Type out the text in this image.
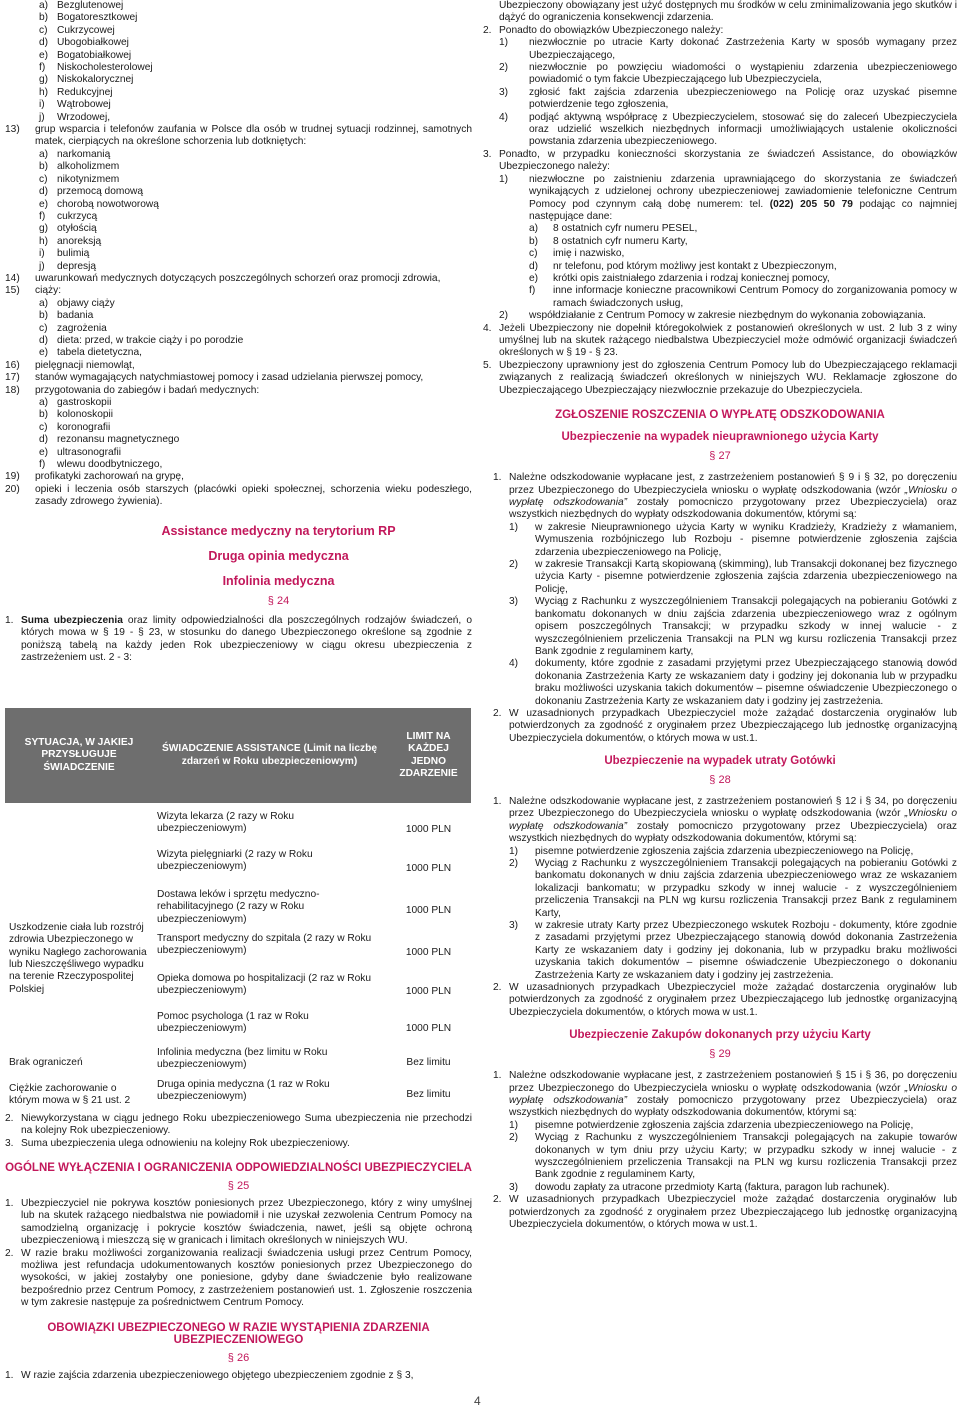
a) Bezglutenowej
b) Bogatoresztkowej
c) Cukrzycowej
d) Ubogobiałkowej
e) Bogatobiałkowej
f) Niskocholesterolowej
g) Niskokalorycznej
h) Redukcyjnej
i) Wątrobowej
j) Wrzodowej,
13) grup wsparcia i telefonów zaufania w Polsce dla osób w trudnej sytuacji rodzinnej, samotnych matek, cierpiących na określone schorzenia lub dotkniętych:
a) narkomanią
b) alkoholizmem
c) nikotynizmem
d) przemocą domową
e) chorobą nowotworową
f) cukrzycą
g) otyłością
h) anoreksją
i) bulimią
j) depresją
14) uwarunkowań medycznych dotyczących poszczególnych schorzeń oraz promocji zdrowia,
15) ciąży:
a) objawy ciąży
b) badania
c) zagrożenia
d) dieta: przed, w trakcie ciąży i po porodzie
e) tabela dietetyczna,
16) pielęgnacji niemowląt,
17) stanów wymagających natychmiastowej pomocy i zasad udzielania pierwszej pomocy,
18) przygotowania do zabiegów i badań medycznych:
a) gastroskopii
b) kolonoskopii
c) koronografii
d) rezonansu magnetycznego
e) ultrasonografii
f) wlewu doodbytniczego,
19) profikatyki zachorowań na grypę,
20) opieki i leczenia osób starszych (placówki opieki społecznej, schorzenia wieku podeszłego, zasady zdrowego żywienia).
Assistance medyczny na terytorium RP
Druga opinia medyczna
Infolinia medyczna
§ 24
1. Suma ubezpieczenia oraz limity odpowiedzialności dla poszczególnych rodzajów świadczeń, o których mowa w § 19 - § 23, w stosunku do danego Ubezpieczonego określone są zgodnie z poniższą tabelą na każdy jeden Rok ubezpieczeniowy w ciągu okresu ubezpieczenia z zastrzeżeniem ust. 2 - 3:
SYTUACJA, W JAKIEJ PRZYSŁUGUJE ŚWIADCZENIE	ŚWIADCZENIE ASSISTANCE (Limit na liczbę zdarzeń w Roku ubezpieczeniowym)	LIMIT NA KAŻDEJ JEDNO ZDARZENIE

Uszkodzenie ciała lub rozstrój zdrowia Ubezpieczonego w wyniku Nagłego zachorowania lub Nieszczęśliwego wypadku na terenie Rzeczypospolitej Polskiej	Wizyta lekarza (2 razy w Roku ubezpieczeniowym)	1000 PLN
	Wizyta pielęgniarki (2 razy w Roku ubezpieczeniowym)	1000 PLN
	Dostawa leków i sprzętu medyczno-rehabilitacyjnego (2 razy w Roku ubezpieczeniowym)	1000 PLN
	Transport medyczny do szpitala (2 razy w Roku ubezpieczeniowym)	1000 PLN
	Opieka domowa po hospitalizacji (2 raz w Roku ubezpieczeniowym)	1000 PLN
	Pomoc psychologa (1 raz w Roku ubezpieczeniowym)	1000 PLN
Brak ograniczeń	Infolinia medyczna (bez limitu w Roku ubezpieczeniowym)	Bez limitu
Ciężkie zachorowanie o którym mowa w § 21 ust. 2	Druga opinia medyczna (1 raz w Roku ubezpieczeniowym)	Bez limitu
2. Niewykorzystana w ciągu jednego Roku ubezpieczeniowego Suma ubezpieczenia nie przechodzi na kolejny Rok ubezpieczeniowy.
3. Suma ubezpieczenia ulega odnowieniu na kolejny Rok ubezpieczeniowy.
OGÓLNE WYŁĄCZENIA I OGRANICZENIA ODPOWIEDZIALNOŚCI UBEZPIECZYCIELA
§ 25
1. Ubezpieczyciel nie pokrywa kosztów poniesionych przez Ubezpieczonego, który z winy umyślnej lub na skutek rażącego niedbalstwa nie powiadomił i nie uzyskał zezwolenia Centrum Pomocy na samodzielną organizację i pokrycie kosztów świadczenia, nawet, jeśli są objęte ochroną ubezpieczeniową i mieszczą się w granicach i limitach określonych w niniejszych WU.
2. W razie braku możliwości zorganizowania realizacji świadczenia usługi przez Centrum Pomocy, możliwa jest refundacja udokumentowanych kosztów poniesionych przez Ubezpieczonego do wysokości, w jakiej zostałyby one poniesione, gdyby dane świadczenie było realizowane bezpośrednio przez Centrum Pomocy, z zastrzeżeniem postanowień ust. 1. Zgłoszenie roszczenia w tym zakresie następuje za pośrednictwem Centrum Pomocy.
OBOWIĄZKI UBEZPIECZONEGO W RAZIE WYSTĄPIENIA ZDARZENIA UBEZPIECZENIOWEGO
§ 26
1. W razie zajścia zdarzenia ubezpieczeniowego objętego ubezpieczeniem zgodnie z § 3,
Ubezpieczony obowiązany jest użyć dostępnych mu środków w celu zminimalizowania jego skutków i dążyć do ograniczenia konsekwencji zdarzenia.
2. Ponadto do obowiązków Ubezpieczonego należy:
1) niezwłocznie po utracie Karty dokonać Zastrzeżenia Karty w sposób wymagany przez Ubezpieczającego,
2) niezwłocznie po powzięciu wiadomości o wystąpieniu zdarzenia ubezpieczeniowego powiadomić o tym fakcie Ubezpieczającego lub Ubezpieczyciela,
3) zgłosić fakt zajścia zdarzenia ubezpieczeniowego na Policję oraz uzyskać pisemne potwierdzenie tego zgłoszenia,
4) podjąć aktywną współpracę z Ubezpieczycielem, stosować się do zaleceń Ubezpieczyciela oraz udzielić wszelkich niezbędnych informacji umożliwiających ustalenie okoliczności powstania zdarzenia ubezpieczeniowego.
3. Ponadto, w przypadku konieczności skorzystania ze świadczeń Assistance, do obowiązków Ubezpieczonego należy:
1) niezwłoczne po zaistnieniu zdarzenia uprawniającego do skorzystania ze świadczeń wynikających z udzielonej ochrony ubezpieczeniowej zawiadomienie telefoniczne Centrum Pomocy pod czynnym całą dobę numerem: tel. (022) 205 50 79 podając co najmniej następujące dane:
a) 8 ostatnich cyfr numeru PESEL,
b) 8 ostatnich cyfr numeru Karty,
c) imię i nazwisko,
d) nr telefonu, pod którym możliwy jest kontakt z Ubezpieczonym,
e) krótki opis zaistniałego zdarzenia i rodzaj koniecznej pomocy,
f) inne informacje konieczne pracownikowi Centrum Pomocy do zorganizowania pomocy w ramach świadczonych usług,
2) współdziałanie z Centrum Pomocy w zakresie niezbędnym do wykonania zobowiązania.
4. Jeżeli Ubezpieczony nie dopełnił któregokolwiek z postanowień określonych w ust. 2 lub 3 z winy umyślnej lub na skutek rażącego niedbalstwa Ubezpieczyciel może odmówić organizacji świadczeń określonych w § 19 - § 23.
5. Ubezpieczony uprawniony jest do zgłoszenia Centrum Pomocy lub do Ubezpieczającego reklamacji związanych z realizacją świadczeń określonych w niniejszych WU. Reklamacje zgłoszone do Ubezpieczającego Ubezpieczający niezwłocznie przekazuje do Ubezpieczyciela.
ZGŁOSZENIE ROSZCZENIA O WYPŁATĘ ODSZKODOWANIA
Ubezpieczenie na wypadek nieuprawnionego użycia Karty
§ 27
1. Należne odszkodowanie wypłacane jest, z zastrzeżeniem postanowień § 9 i § 32, po doręczeniu przez Ubezpieczonego do Ubezpieczyciela wniosku o wypłatę odszkodowania (wzór „Wniosku o wypłatę odszkodowania” zostały pomocniczo przygotowany przez Ubezpieczyciela) oraz wszystkich niezbędnych do wypłaty odszkodowania dokumentów, którymi są:
1) w zakresie Nieuprawnionego użycia Karty w wyniku Kradzieży, Kradzieży z włamaniem, Wymuszenia rozbójniczego lub Rozboju - pisemne potwierdzenie zgłoszenia zajścia zdarzenia ubezpieczeniowego na Policję,
2) w zakresie Transakcji Kartą skopiowaną (skimming), lub Transakcji dokonanej bez fizycznego użycia Karty - pisemne potwierdzenie zgłoszenia zajścia zdarzenia ubezpieczeniowego na Policję,
3) Wyciąg z Rachunku z wyszczególnieniem Transakcji polegających na pobieraniu Gotówki z bankomatu dokonanych w dniu zajścia zdarzenia ubezpieczeniowego wraz z ogólnym opisem poszczególnych Transakcji; w przypadku szkody w innej walucie - z wyszczególnieniem przeliczenia Transakcji na PLN wg kursu rozliczenia Transakcji przez Bank zgodnie z regulaminem karty,
4) dokumenty, które zgodnie z zasadami przyjętymi przez Ubezpieczającego stanowią dowód dokonania Zastrzeżenia Karty ze wskazaniem daty i godziny jej dokonania lub w przypadku braku możliwości uzyskania takich dokumentów – pisemne oświadczenie Ubezpieczonego o dokonaniu Zastrzeżenia Karty ze wskazaniem daty i godziny jej zastrzeżenia.
2. W uzasadnionych przypadkach Ubezpieczyciel może zażądać dostarczenia oryginałów lub potwierdzonych za zgodność z oryginałem przez Ubezpieczającego lub jednostkę organizacyjną Ubezpieczyciela dokumentów, o których mowa w ust.1.
Ubezpieczenie na wypadek utraty Gotówki
§ 28
1. Należne odszkodowanie wypłacane jest, z zastrzeżeniem postanowień § 12 i § 34, po doręczeniu przez Ubezpieczonego do Ubezpieczyciela wniosku o wypłatę odszkodowania (wzór „Wniosku o wypłatę odszkodowania” zostały pomocniczo przygotowany przez Ubezpieczyciela) oraz wszystkich niezbędnych do wypłaty odszkodowania dokumentów, którymi są:
1) pisemne potwierdzenie zgłoszenia zajścia zdarzenia ubezpieczeniowego na Policję,
2) Wyciąg z Rachunku z wyszczególnieniem Transakcji polegających na pobieraniu Gotówki z bankomatu dokonanych w dniu zajścia zdarzenia ubezpieczeniowego wraz ze wskazaniem lokalizacji bankomatu; w przypadku szkody w innej walucie - z wyszczególnieniem przeliczenia Transakcji na PLN wg kursu rozliczenia Transakcji przez Bank z regulaminem Karty,
3) w zakresie utraty Karty przez Ubezpieczonego wskutek Rozboju - dokumenty, które zgodnie z zasadami przyjętymi przez Ubezpieczającego stanowią dowód dokonania Zastrzeżenia Karty ze wskazaniem daty i godziny jej dokonania, lub w przypadku braku możliwości uzyskania takich dokumentów – pisemne oświadczenie Ubezpieczonego o dokonaniu Zastrzeżenia Karty ze wskazaniem daty i godziny jej zastrzeżenia.
2. W uzasadnionych przypadkach Ubezpieczyciel może zażądać dostarczenia oryginałów lub potwierdzonych za zgodność z oryginałem przez Ubezpieczającego lub jednostkę organizacyjną Ubezpieczyciela dokumentów, o których mowa w ust.1.
Ubezpieczenie Zakupów dokonanych przy użyciu Karty
§ 29
1. Należne odszkodowanie wypłacane jest, z zastrzeżeniem postanowień § 15 i § 36, po doręczeniu przez Ubezpieczonego do Ubezpieczyciela wniosku o wypłatę odszkodowania (wzór „Wniosku o wypłatę odszkodowania” zostały pomocniczo przygotowany przez Ubezpieczyciela) oraz wszystkich niezbędnych do wypłaty odszkodowania dokumentów, którymi są:
1) pisemne potwierdzenie zgłoszenia zajścia zdarzenia ubezpieczeniowego na Policję,
2) Wyciąg z Rachunku z wyszczególnieniem Transakcji polegających na zakupie towarów dokonanych w tym dniu przy użyciu Karty; w przypadku szkody w innej walucie - z wyszczególnieniem przeliczenia Transakcji na PLN wg kursu rozliczenia Transakcji przez Bank zgodnie z regulaminem Karty,
3) dowodu zapłaty za utracone przedmioty Kartą (faktura, paragon lub rachunek).
2. W uzasadnionych przypadkach Ubezpieczyciel może zażądać dostarczenia oryginałów lub potwierdzonych za zgodność z oryginałem przez Ubezpieczającego lub jednostkę organizacyjną Ubezpieczyciela dokumentów, o których mowa w ust.1.
4
